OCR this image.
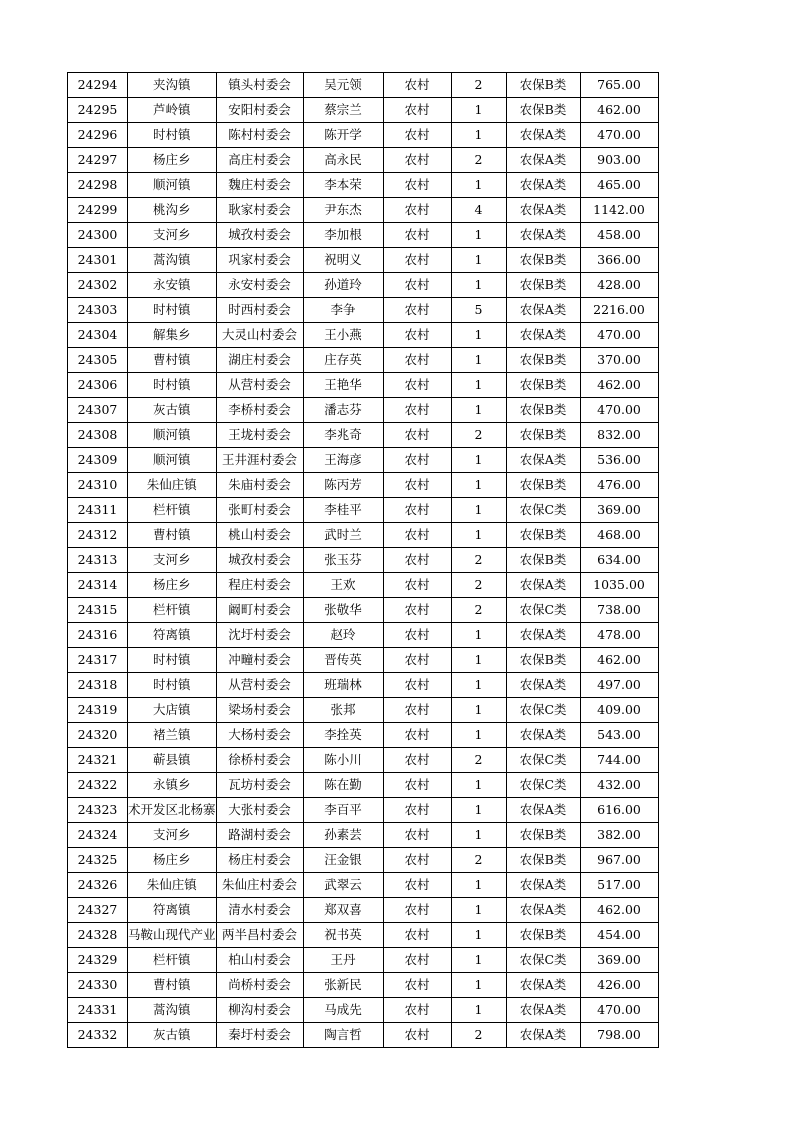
24294	夹沟镇	镇头村委会	吴元领	农村	2	农保B类	765.00
24295	芦岭镇	安阳村委会	蔡宗兰	农村	1	农保B类	462.00
24296	时村镇	陈村村委会	陈开学	农村	1	农保A类	470.00
24297	杨庄乡	高庄村委会	高永民	农村	2	农保A类	903.00
24298	顺河镇	魏庄村委会	李本荣	农村	1	农保A类	465.00
24299	桃沟乡	耿家村委会	尹东杰	农村	4	农保A类	1142.00
24300	支河乡	城孜村委会	李加根	农村	1	农保A类	458.00
24301	蒿沟镇	巩家村委会	祝明义	农村	1	农保B类	366.00
24302	永安镇	永安村委会	孙道玲	农村	1	农保B类	428.00
24303	时村镇	时西村委会	李争	农村	5	农保A类	2216.00
24304	解集乡	大灵山村委会	王小燕	农村	1	农保A类	470.00
24305	曹村镇	湖庄村委会	庄存英	农村	1	农保B类	370.00
24306	时村镇	从营村委会	王艳华	农村	1	农保B类	462.00
24307	灰古镇	李桥村委会	潘志芬	农村	1	农保B类	470.00
24308	顺河镇	王垅村委会	李兆奇	农村	2	农保B类	832.00
24309	顺河镇	王井涯村委会	王海彦	农村	1	农保A类	536.00
24310	朱仙庄镇	朱庙村委会	陈丙芳	农村	1	农保B类	476.00
24311	栏杆镇	张町村委会	李桂平	农村	1	农保C类	369.00
24312	曹村镇	桃山村委会	武时兰	农村	1	农保B类	468.00
24313	支河乡	城孜村委会	张玉芬	农村	2	农保B类	634.00
24314	杨庄乡	程庄村委会	王欢	农村	2	农保A类	1035.00
24315	栏杆镇	阚町村委会	张敬华	农村	2	农保C类	738.00
24316	符离镇	沈圩村委会	赵玲	农村	1	农保A类	478.00
24317	时村镇	冲疃村委会	晋传英	农村	1	农保B类	462.00
24318	时村镇	从营村委会	班瑞林	农村	1	农保A类	497.00
24319	大店镇	梁场村委会	张邦	农村	1	农保C类	409.00
24320	褚兰镇	大杨村委会	李拴英	农村	1	农保A类	543.00
24321	蕲县镇	徐桥村委会	陈小川	农村	2	农保C类	744.00
24322	永镇乡	瓦坊村委会	陈在勤	农村	1	农保C类	432.00
24323	术开发区北杨寨	大张村委会	李百平	农村	1	农保A类	616.00
24324	支河乡	路湖村委会	孙素芸	农村	1	农保B类	382.00
24325	杨庄乡	杨庄村委会	汪金银	农村	2	农保B类	967.00
24326	朱仙庄镇	朱仙庄村委会	武翠云	农村	1	农保A类	517.00
24327	符离镇	清水村委会	郑双喜	农村	1	农保A类	462.00
24328	马鞍山现代产业	两半昌村委会	祝书英	农村	1	农保B类	454.00
24329	栏杆镇	柏山村委会	王丹	农村	1	农保C类	369.00
24330	曹村镇	尚桥村委会	张新民	农村	1	农保A类	426.00
24331	蒿沟镇	柳沟村委会	马成先	农村	1	农保A类	470.00
24332	灰古镇	秦圩村委会	陶言哲	农村	2	农保A类	798.00
